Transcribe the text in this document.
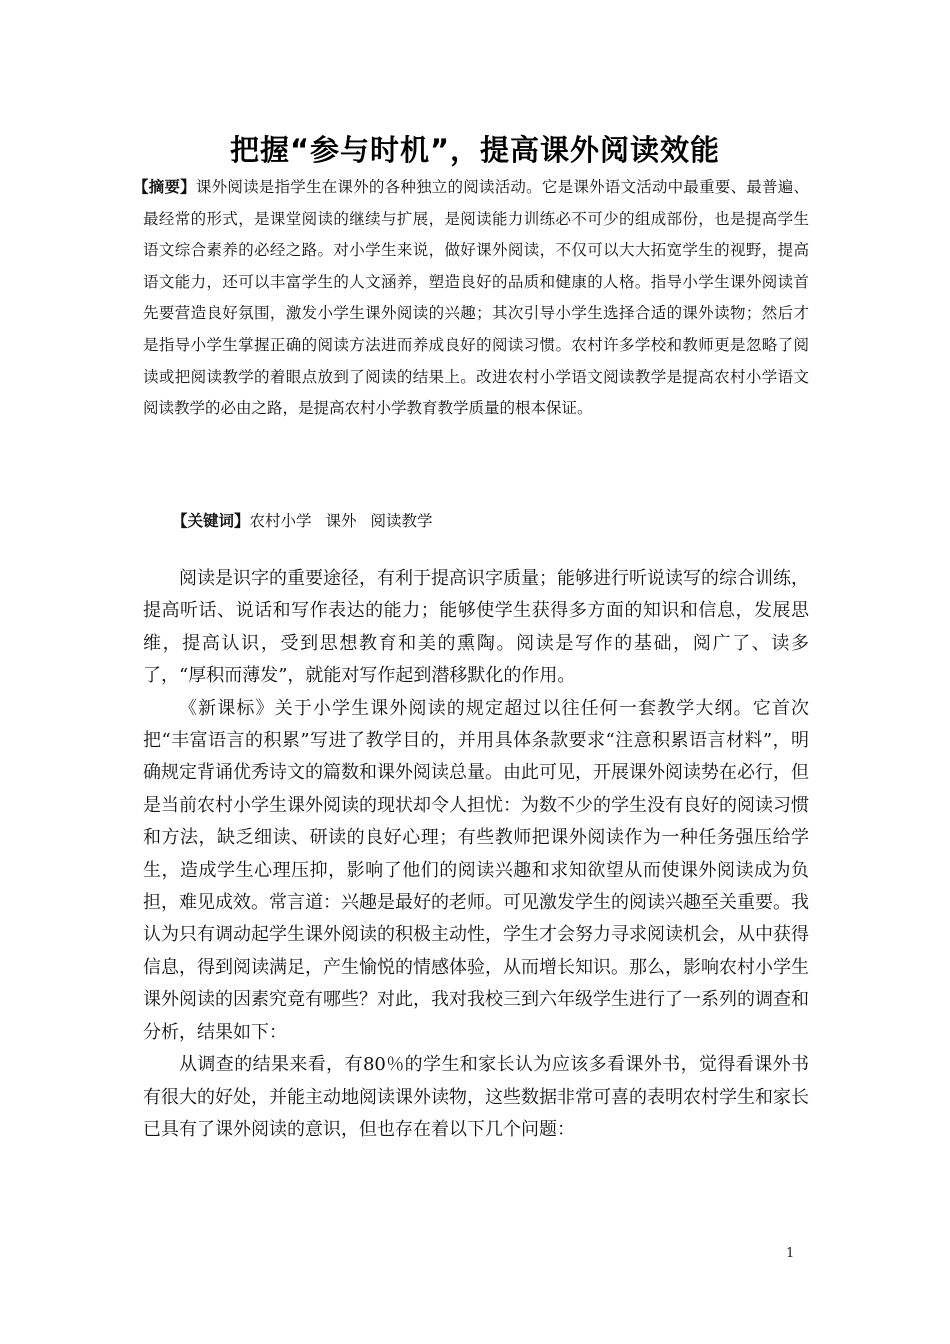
把握“参与时机”，提高课外阅读效能

【摘要】课外阅读是指学生在课外的各种独立的阅读活动。它是课外语文活动中最重要、最普遍、最经常的形式，是课堂阅读的继续与扩展，是阅读能力训练必不可少的组成部份，也是提高学生语文综合素养的必经之路。对小学生来说，做好课外阅读，不仅可以大大拓宽学生的视野，提高语文能力，还可以丰富学生的人文涵养，塑造良好的品质和健康的人格。指导小学生课外阅读首先要营造良好氛围，激发小学生课外阅读的兴趣；其次引导小学生选择合适的课外读物；然后才是指导小学生掌握正确的阅读方法进而养成良好的阅读习惯。农村许多学校和教师更是忽略了阅读或把阅读教学的着眼点放到了阅读的结果上。改进农村小学语文阅读教学是提高农村小学语文阅读教学的必由之路，是提高农村小学教育教学质量的根本保证。

【关键词】农村小学 课外 阅读教学

阅读是识字的重要途径，有利于提高识字质量；能够进行听说读写的综合训练，提高听话、说话和写作表达的能力；能够使学生获得多方面的知识和信息，发展思维，提高认识，受到思想教育和美的熏陶。阅读是写作的基础，阅广了、读多了，“厚积而薄发”，就能对写作起到潜移默化的作用。

《新课标》关于小学生课外阅读的规定超过以往任何一套教学大纲。它首次把“丰富语言的积累”写进了教学目的，并用具体条款要求“注意积累语言材料”，明确规定背诵优秀诗文的篇数和课外阅读总量。由此可见，开展课外阅读势在必行，但是当前农村小学生课外阅读的现状却令人担忧：为数不少的学生没有良好的阅读习惯和方法，缺乏细读、研读的良好心理；有些教师把课外阅读作为一种任务强压给学生，造成学生心理压抑，影响了他们的阅读兴趣和求知欲望从而使课外阅读成为负担，难见成效。常言道：兴趣是最好的老师。可见激发学生的阅读兴趣至关重要。我认为只有调动起学生课外阅读的积极主动性，学生才会努力寻求阅读机会，从中获得信息，得到阅读满足，产生愉悦的情感体验，从而增长知识。那么，影响农村小学生课外阅读的因素究竟有哪些？对此，我对我校三到六年级学生进行了一系列的调查和分析，结果如下：

从调查的结果来看，有80％的学生和家长认为应该多看课外书，觉得看课外书有很大的好处，并能主动地阅读课外读物，这些数据非常可喜的表明农村学生和家长已具有了课外阅读的意识，但也存在着以下几个问题：

1
